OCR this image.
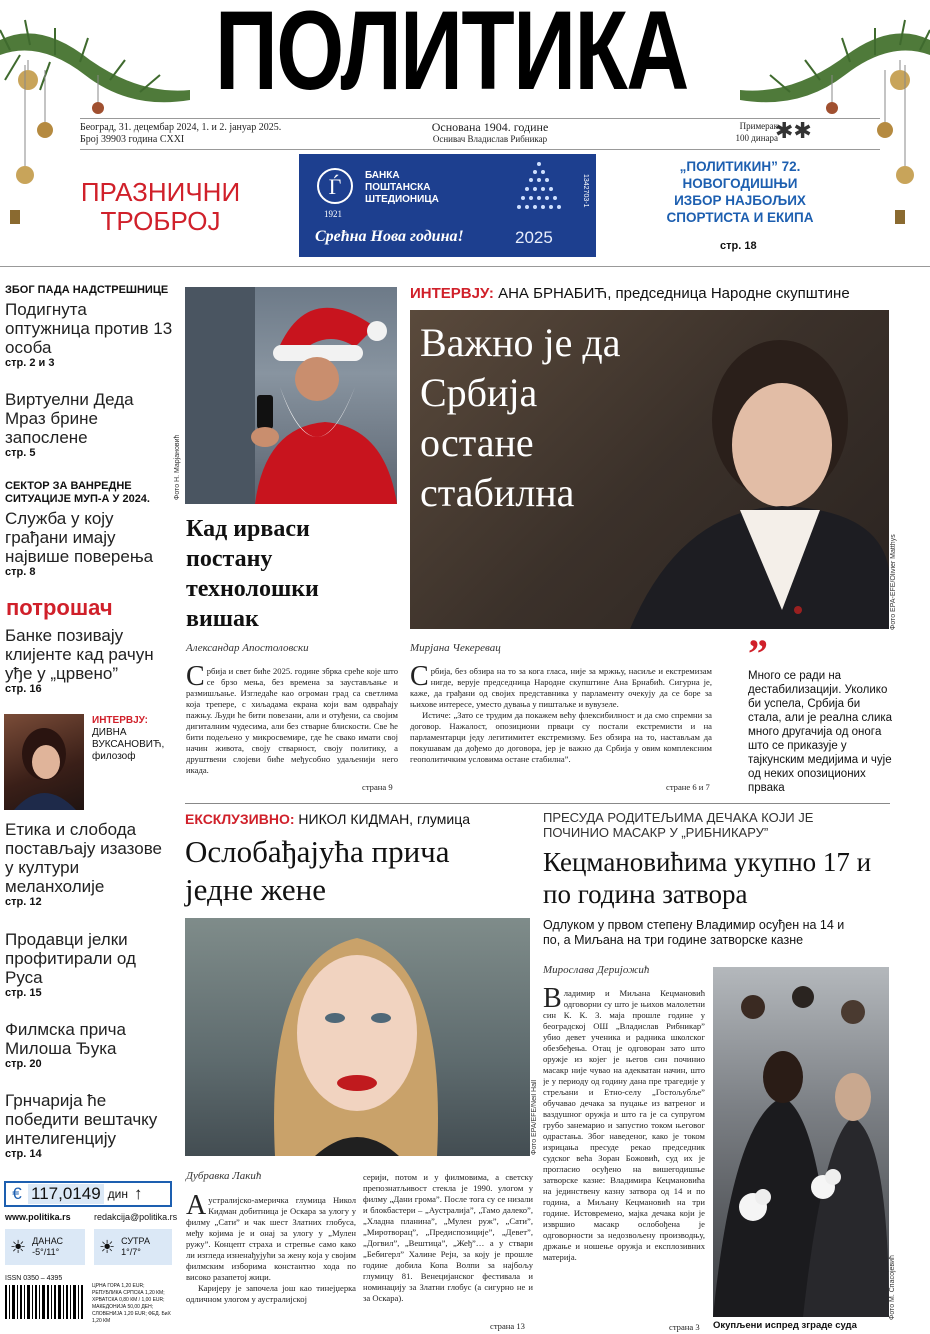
ПОЛИТИКА
Београд, 31. децембар 2024, 1. и 2. јануар 2025.
Број 39903 година CXXI
Основана 1904. године
Оснивач Владислав Рибникар
Примерак
100 динара
✱✱
ПРАЗНИЧНИ ТРОБРОЈ
Ѓ
1921
БАНКА
ПОШТАНСКА
ШТЕДИОНИЦА
Срећна Нова година!	2025
1342703-1
„ПОЛИТИКИН” 72. НОВОГОДИШЊИ ИЗБОР НАЈБОЉИХ СПОРТИСТА И ЕКИПА
стр. 18
ЗБОГ ПАДА НАДСТРЕШНИЦЕ
Подигнута оптужница против 13 особа
стр. 2 и 3
Виртуелни Деда Мраз брине запослене
стр. 5
СЕКТОР ЗА ВАНРЕДНЕ СИТУАЦИЈЕ МУП-А У 2024.
Служба у коју грађани имају највише поверења
стр. 8
потрошач
Банке позивају клијенте кад рачун уђе у „црвено”
стр. 16
ИНТЕРВЈУ:
ДИВНА ВУКСАНОВИЋ,
филозоф
Етика и слобода постављају изазове у култури меланхолије
стр. 12
Продавци јелки профитирали од Руса
стр. 15
Филмска прича Милоша Ђука
стр. 20
Грнчарија ће победити вештачку интелигенцију
стр. 14
€ 117,0149 дин ↑
www.politika.rs	redakcija@politika.rs
☀ ДАНАС
-5°/11° ☀ СУТРА
1°/7°
ISSN 0350 – 4395
ЦРНА ГОРА 1,20 EUR; РЕПУБЛИКА СРПСКА 1,20 КМ; ХРВАТСКА 0,80 КМ / 1,00 EUR; МАКЕДОНИЈА 50,00 ДЕН; СЛОВЕНИЈА 1,20 EUR; ФЕД. БиХ 1,20 КМ
Фото Н. Марјановић
Кад ирваси постану технолошки вишак
Александар Апостоловски
Србија и свет биће 2025. године збрка среће које што се брзо мења, без времена за заустављање и размишљање. Изгледаће као огроман град са светлима која трепере, с хиљадама екрана који вам одвраћају пажњу. Људи ће бити повезани, али и отуђени, са својим дигиталним чудесима, али без стварне блискости. Све ће бити подељено у микросвемире, где ће свако имати свој начин живота, своју стварност, своју политику, а друштвени слојеви биће међусобно удаљенији него икада.
страна 9
ИНТЕРВЈУ: АНА БРНАБИЋ, председница Народне скупштине
Важно је да Србија остане стабилна
Фото EPA-EFE/Olivier Matthys
Мирјана Чекеревац
Србија, без обзира на то за кога гласа, није за мржњу, насиље и екстремизам нигде, верује председница Народне скупштине Ана Брнабић. Сигурна је, каже, да грађани од својих представника у парламенту очекују да се боре за њихове интересе, уместо дувања у пиштаљке и вувузеле.
Истиче: „Зато се трудим да покажем већу флексибилност и да смо спремни за договор. Нажалост, опозициони прваци су постали екстремисти и на парламентарци једу легитимитет екстремизму. Без обзира на то, настављам да покушавам да дођемо до договора, јер је важно да Србија у овим комплексним геополитичким условима остане стабилна”.
стране 6 и 7
”
Много се ради на дестабилизацији. Уколико би успела, Србија би стала, али је реална слика много другачија од оногa што се приказује у тајкунским медијима и чује од неких опозиционих првака
ЕКСКЛУЗИВНО: НИКОЛ КИДМАН, глумица
Ослобађајућа прича једне жене
Фото EPA/EFE/Neil Hall
Дубравка Лакић
Аустралијско-америчка глумица Никол Кидман добитница је Оскара за улогу у филму „Сати” и чак шест Златних глобуса, међу којима је и онај за улогу у „Мулен ружу”. Концепт страха и стрепње само како ли изгледа изненађујући за жену која у својим филмским изборима константно хода по високо разапетој жици.
Каријеру је започела још као тинејџерка одличном улогом у аустралијској
серији, потом и у филмовима, а светску препознатљивост стекла је 1990. улогом у филму „Дани грома”. После тога су се низали и блокбастери – „Аустралија”, „Тамо далеко”, „Хладна планина”, „Мулен руж”, „Сати”, „Миротворац”, „Предиспозиције”, „Девет”, „Догвил”, „Вештица”, „Жеђ”… а у ствари „Бебигерл” Халине Рејн, за коју је прошле године добила Копа Волпи за најбољу глумицу 81. Венецијанског фестивала и номинацију за Златни глобус (а сигурно не и за Оскара).
страна 13
ПРЕСУДА РОДИТЕЉИМА ДЕЧАКА КОЈИ ЈЕ ПОЧИНИО МАСАКР У „РИБНИКАРУ”
Кецмановићима укупно 17 и по година затвора
Одлуком у првом степену Владимир осуђен на 14 и по, а Миљана на три године затворске казне
Мирослава Деријожић
Владимир и Миљана Кецмановић одговорни су што је њихов малолетни син К. К. 3. маја прошле године у београдској ОШ „Владислав Рибникар” убио девет ученика и радника школског обезбеђења. Отац је одговоран зато што оружје из којег је његов син починио масакр није чувао на адекватан начин, што је у периоду од годину дана пре трагедије у стрељани и Етно-селу „Гостољубље” обучавао дечака за пуцање из ватреног и ваздушног оружја и што га је са супругом грубо занемарио и запустио током његовог одрастања. Због наведеног, како је током изрицања пресуде рекао председник судског већа Зоран Божовић, суд их је прогласио осуђено на вишегодишње затворске казне: Владимира Кецмановића на јединствену казну затвора од 14 и по година, а Миљану Кецмановић на три године. Истовремено, мајка дечака који је извршио масакр ослобођена је одговорности за недозвољену производњу, држање и ношење оружја и експлозивних материја.
страна 3
Фото М. Спасојевић
Окупљени испред зграде суда
